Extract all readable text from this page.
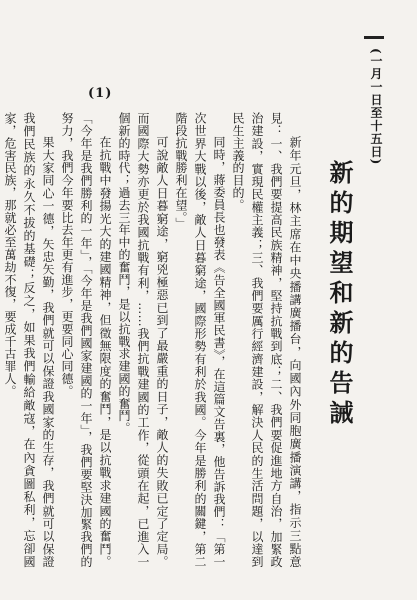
(1)	(一月一日至十五日)
新的期望和新的告誡

新年元旦，林主席在中央播講廣播台，向國內外同胞廣播演講，指示三點意見：一、我們要提高民族精神，堅持抗戰到底；二、我們要促進地方自治，加緊政治建設，實現民權主義；三、我們要厲行經濟建設，解決人民的生活問題，以達到民生主義的目的。

同時，蔣委員長也發表《告全國軍民書》，在這篇文告裏，他告訴我們：「第一次世界大戰以後，敵人日暮窮途，國際形勢有利於我國。今年是勝利的關鍵，第二階段抗戰勝利在望。」

可說敵人日暮窮途，窮兇極惡已到了最嚴重的日子，敵人的失敗已定了定局。而國際大勢亦更於我國抗戰有利，……我們抗戰建國的工作，從頭在起，已進入一個新的時代；過去三年中的奮鬥，是以抗戰求建國的奮鬥。

在抗戰中發揚光大的建國精神，但徵無限度的奮鬥，是以抗戰求建國的奮鬥。「今年是我們勝利的一年」，「今年是我們國家建國的一年」，我們要堅決加緊我們的努力，我們今年要比去年更有進步，更要同心同德。

果大家同心一德，矢忠矢勤，我們就可以保證我國家的生存，我們就可以保證我們民族的永久不拔的基礎；反之，如果我們輸給敵寇，在內貪圖私利，忘卻國家，危害民族，那就必至萬劫不復，要成千古罪人。
